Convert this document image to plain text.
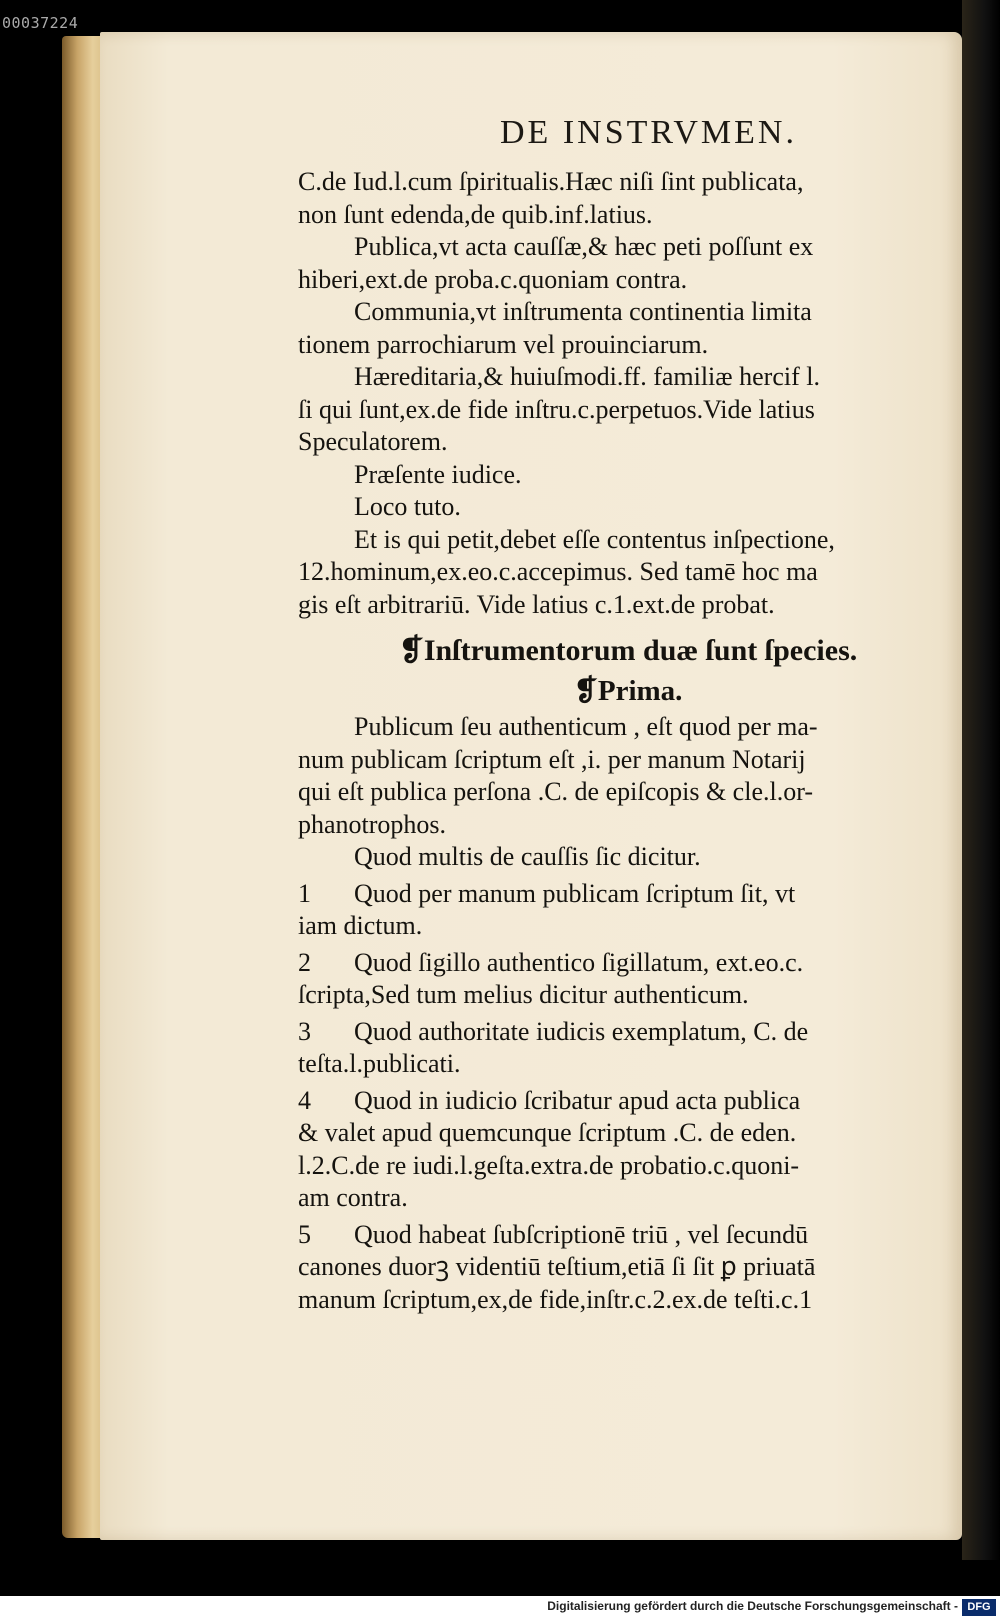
00037224
DE INSTRVMEN.
C.de Iud.l.cum ſpiritualis.Hæc niſi ſint publicata,
non ſunt edenda,de quib.inf.latius.
Publica,vt acta cauſſæ,& hæc peti poſſunt ex
hiberi,ext.de proba.c.quoniam contra.
Communia,vt inſtrumenta continentia limita
tionem parrochiarum vel prouinciarum.
Hæreditaria,& huiuſmodi.ff. familiæ hercif l.
ſi qui ſunt,ex.de fide inſtru.c.perpetuos.Vide latius
Speculatorem.
Præſente iudice.
Loco tuto.
Et is qui petit,debet eſſe contentus inſpectione,
12.hominum,ex.eo.c.accepimus. Sed tamē hoc ma
gis eſt arbitrariū. Vide latius c.1.ext.de probat.
❡Inſtrumentorum duæ ſunt ſpecies.
❡Prima.
Publicum ſeu authenticum , eſt quod per ma-
num publicam ſcriptum eſt ,i. per manum Notarij
qui eſt publica perſona .C. de epiſcopis & cle.l.or-
phanotrophos.
Quod multis de cauſſis ſic dicitur.
1 Quod per manum publicam ſcriptum ſit, vt
iam dictum.
2 Quod ſigillo authentico ſigillatum, ext.eo.c.
ſcripta,Sed tum melius dicitur authenticum.
3 Quod authoritate iudicis exemplatum, C. de
teſta.l.publicati.
4 Quod in iudicio ſcribatur apud acta publica
& valet apud quemcunque ſcriptum .C. de eden.
l.2.C.de re iudi.l.geſta.extra.de probatio.c.quoni-
am contra.
5 Quod habeat ſubſcriptionē triū , vel ſecundū
canones duorꝫ videntiū teſtium,etiā ſi ſit ꝑ priuatā
manum ſcriptum,ex,de fide,inſtr.c.2.ex.de teſti.c.1
Digitalisierung gefördert durch die Deutsche Forschungsgemeinschaft - DFG
